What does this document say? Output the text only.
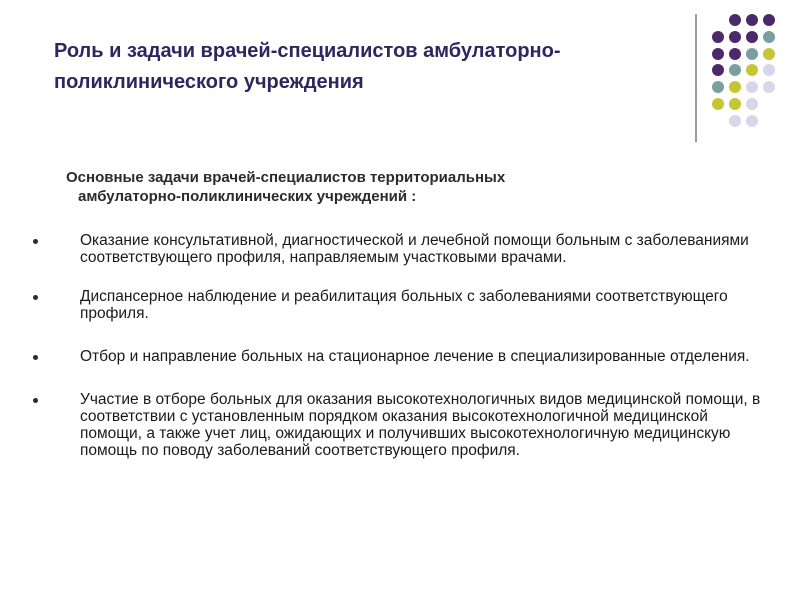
Роль и задачи врачей-специалистов амбулаторно-поликлинического учреждения
Основные задачи врачей-специалистов территориальных
амбулаторно-поликлинических учреждений :
Оказание консультативной, диагностической и лечебной помощи больным с заболеваниями соответствующего профиля, направляемым участковыми врачами.
Диспансерное наблюдение и реабилитация больных с заболеваниями соответствующего профиля.
Отбор и направление больных на стационарное лечение в специализированные отделения.
Участие в отборе больных для оказания высокотехнологичных видов медицинской помощи, в соответствии с установленным порядком оказания высокотехнологичной медицинской помощи, а также учет лиц, ожидающих и получивших высокотехнологичную медицинскую помощь по поводу заболеваний соответствующего профиля.
